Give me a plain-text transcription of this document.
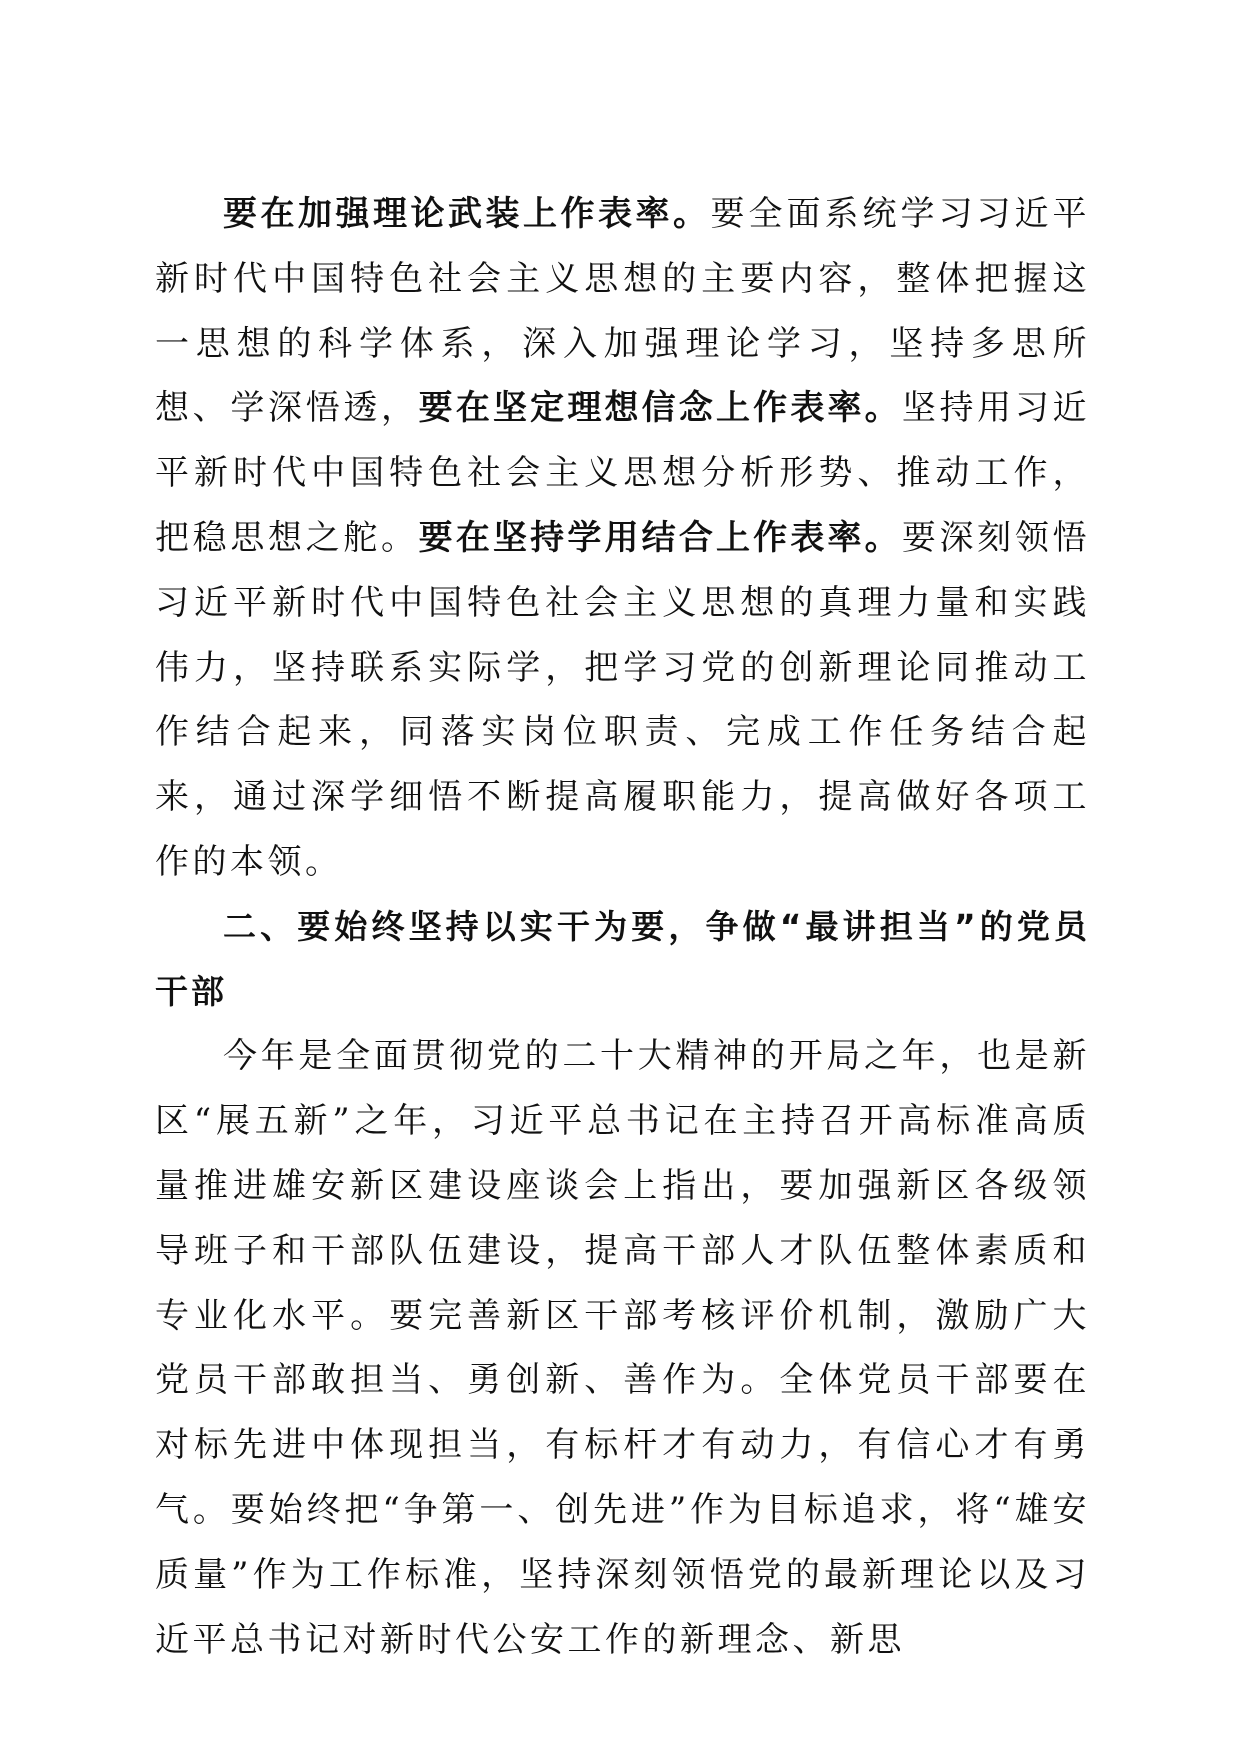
要在加强理论武装上作表率。要全面系统学习习近平新时代中国特色社会主义思想的主要内容，整体把握这一思想的科学体系，深入加强理论学习，坚持多思所想、学深悟透，要在坚定理想信念上作表率。坚持用习近平新时代中国特色社会主义思想分析形势、推动工作，把稳思想之舵。要在坚持学用结合上作表率。要深刻领悟习近平新时代中国特色社会主义思想的真理力量和实践伟力，坚持联系实际学，把学习党的创新理论同推动工作结合起来，同落实岗位职责、完成工作任务结合起来，通过深学细悟不断提高履职能力，提高做好各项工作的本领。

二、要始终坚持以实干为要，争做“最讲担当”的党员干部

今年是全面贯彻党的二十大精神的开局之年，也是新区“展五新”之年，习近平总书记在主持召开高标准高质量推进雄安新区建设座谈会上指出，要加强新区各级领导班子和干部队伍建设，提高干部人才队伍整体素质和专业化水平。要完善新区干部考核评价机制，激励广大党员干部敢担当、勇创新、善作为。全体党员干部要在对标先进中体现担当，有标杆才有动力，有信心才有勇气。要始终把“争第一、创先进”作为目标追求，将“雄安质量”作为工作标准，坚持深刻领悟党的最新理论以及习近平总书记对新时代公安工作的新理念、新思
